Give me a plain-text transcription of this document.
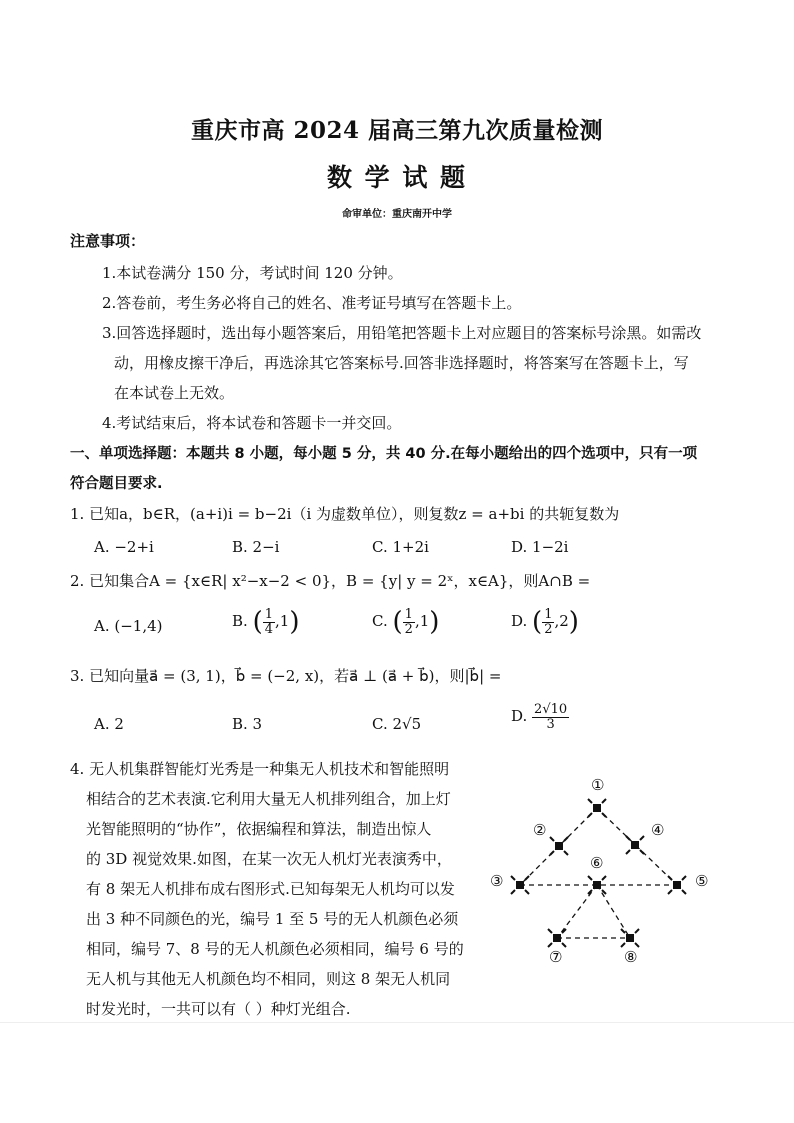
重庆市高 2024 届高三第九次质量检测
数 学 试 题
命审单位：重庆南开中学
注意事项：
1.本试卷满分 150 分，考试时间 120 分钟。
2.答卷前，考生务必将自己的姓名、准考证号填写在答题卡上。
3.回答选择题时，选出每小题答案后，用铅笔把答题卡上对应题目的答案标号涂黑。如需改
动，用橡皮擦干净后，再选涂其它答案标号.回答非选择题时，将答案写在答题卡上，写
在本试卷上无效。
4.考试结束后，将本试卷和答题卡一并交回。
一、单项选择题：本题共 8 小题，每小题 5 分，共 40 分.在每小题给出的四个选项中，只有一项
符合题目要求.
1. 已知a，b∈R，(a+i)i = b−2i（i 为虚数单位），则复数z = a+bi 的共轭复数为
A. −2+i	B. 2−i	C. 1+2i	D. 1−2i
2. 已知集合A = {x∈R| x²−x−2 < 0}，B = {y| y = 2ˣ，x∈A}，则A∩B =
A. (−1,4)	B. ( $\frac{1}{4} ,1$)	C. ( $\frac{1}{2} ,1$)	D. ( $\frac{1}{2} ,2$)
3. 已知向量a⃗ = (3, 1)，b⃗ = (−2, x)，若a⃗ ⊥ (a⃗ + b⃗)，则|b⃗| =
A. 2	B. 3	C. 2√5	D. $\frac{2√10}{3}$
4. 无人机集群智能灯光秀是一种集无人机技术和智能照明
相结合的艺术表演.它利用大量无人机排列组合，加上灯
光智能照明的“协作”，依据编程和算法，制造出惊人
的 3D 视觉效果.如图，在某一次无人机灯光表演秀中，
有 8 架无人机排布成右图形式.已知每架无人机均可以发
出 3 种不同颜色的光，编号 1 至 5 号的无人机颜色必须
相同，编号 7、8 号的无人机颜色必须相同，编号 6 号的
无人机与其他无人机颜色均不相同，则这 8 架无人机同
时发光时，一共可以有（ ）种灯光组合.
①
②
③
④
⑤
⑥
⑦	⑧
